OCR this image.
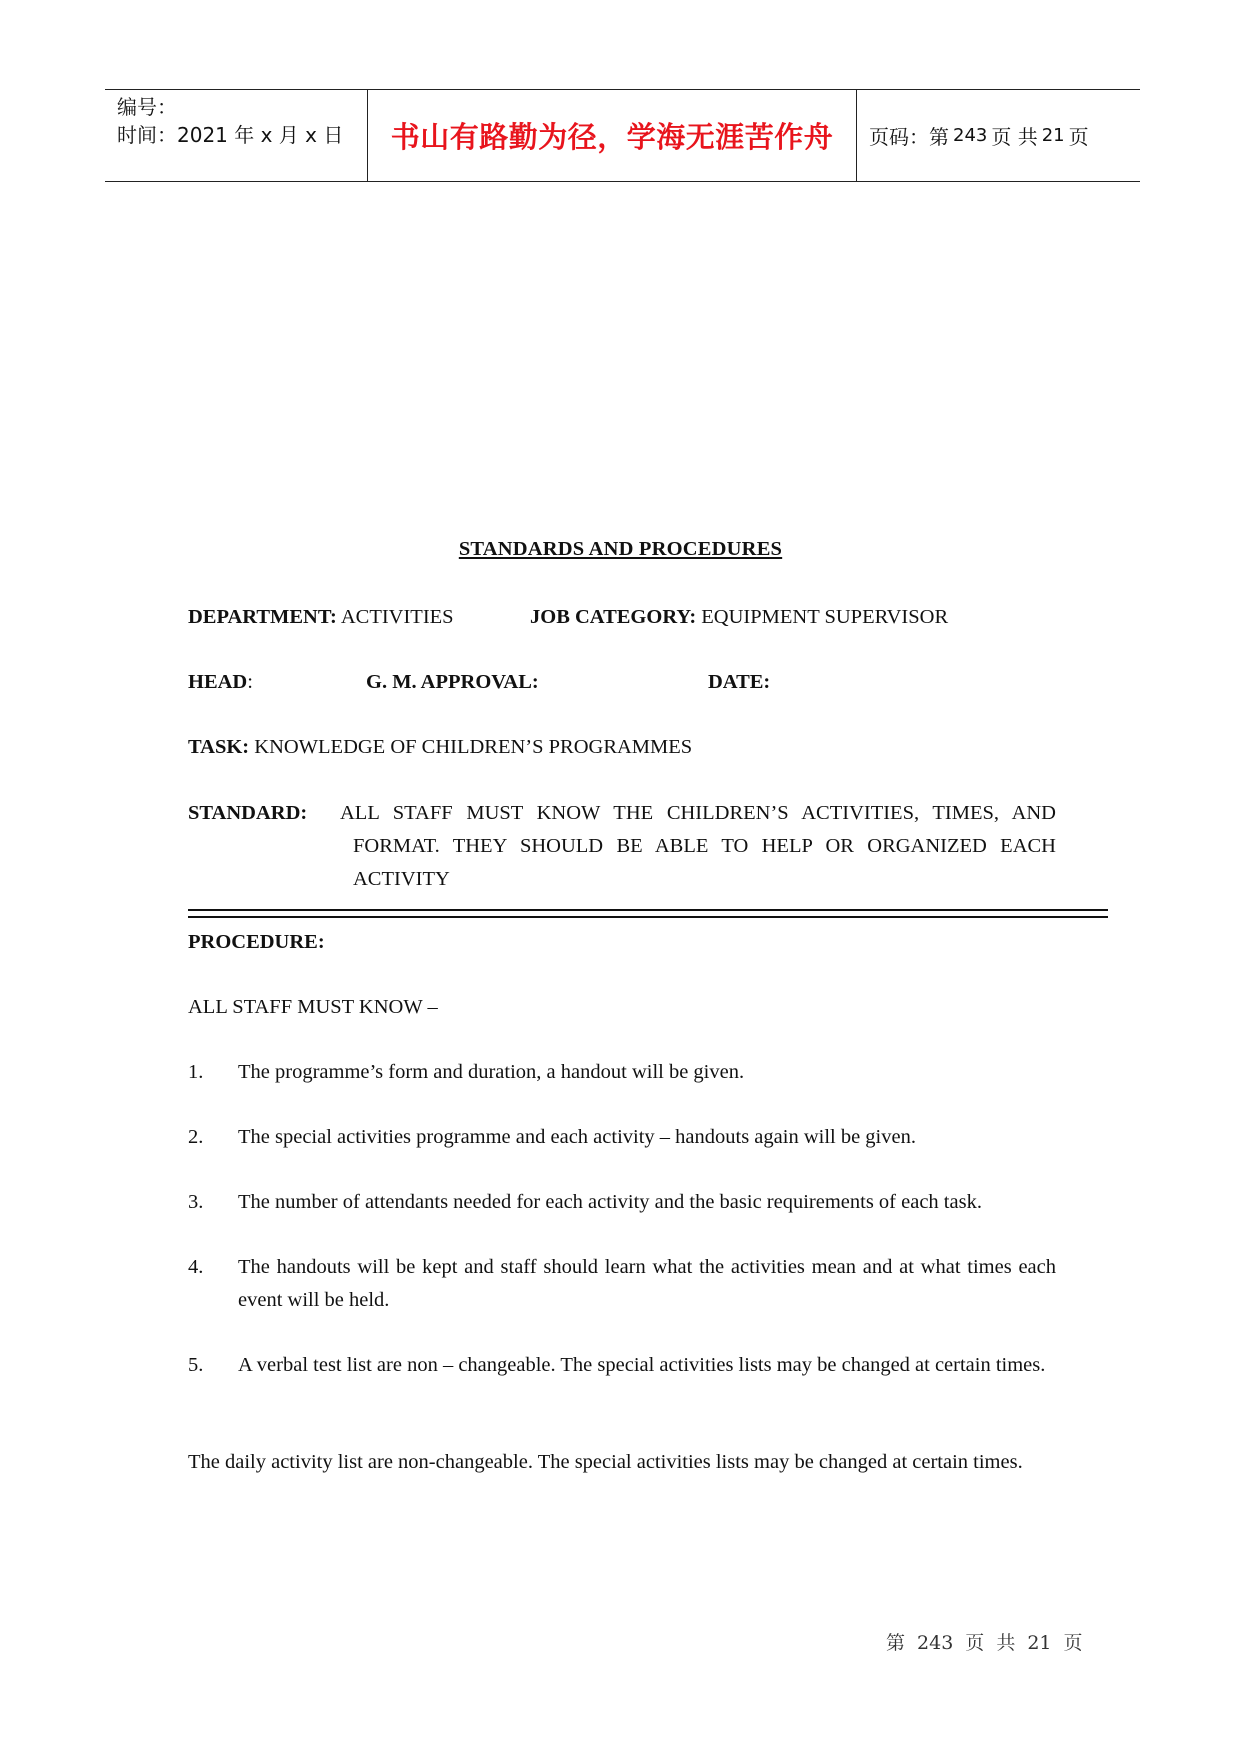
编号：
时间：2021 年 x 月 x 日	书山有路勤为径，学海无涯苦作舟 页码：第 243 页 共 21 页
STANDARDS AND PROCEDURES
DEPARTMENT: ACTIVITIES	JOB CATEGORY: EQUIPMENT SUPERVISOR
HEAD:	G. M. APPROVAL:	DATE:
TASK: KNOWLEDGE OF CHILDREN’S PROGRAMMES
STANDARD: ALL STAFF MUST KNOW THE CHILDREN’S ACTIVITIES, TIMES, AND FORMAT. THEY SHOULD BE ABLE TO HELP OR ORGANIZED EACH ACTIVITY
PROCEDURE:
ALL STAFF MUST KNOW –
1. The programme’s form and duration, a handout will be given.
2. The special activities programme and each activity – handouts again will be given.
3. The number of attendants needed for each activity and the basic requirements of each task.
4. The handouts will be kept and staff should learn what the activities mean and at what times each event will be held.
5. A verbal test list are non – changeable. The special activities lists may be changed at certain times.
The daily activity list are non-changeable. The special activities lists may be changed at certain times.
第 243 页 共 21 页
